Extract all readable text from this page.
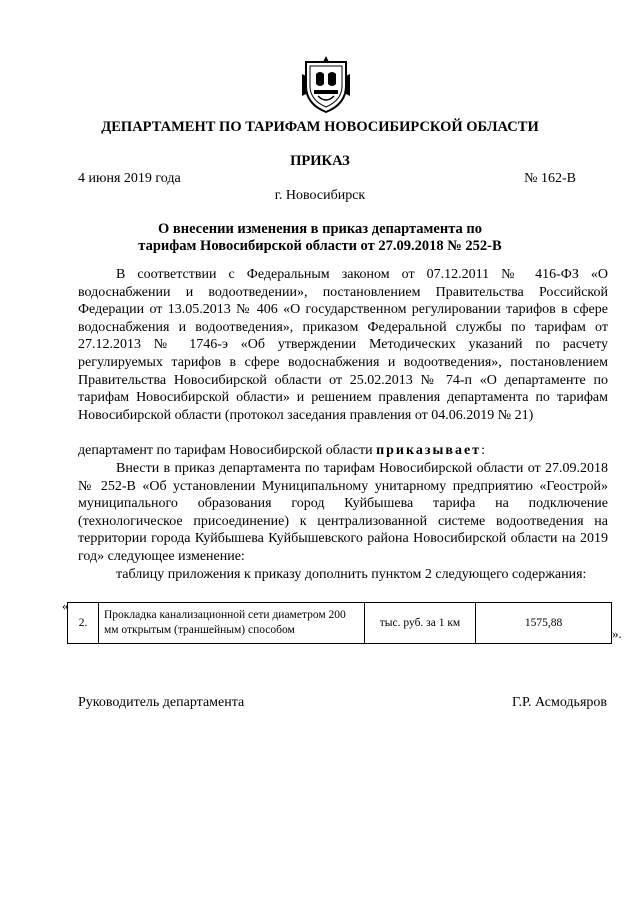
ДЕПАРТАМЕНТ ПО ТАРИФАМ НОВОСИБИРСКОЙ ОБЛАСТИ
ПРИКАЗ
4 июня 2019 года	№ 162-В
г. Новосибирск
О внесении изменения в приказ департамента по тарифам Новосибирской области от 27.09.2018 № 252-В
В соответствии с Федеральным законом от 07.12.2011 № 416-ФЗ «О водоснабжении и водоотведении», постановлением Правительства Российской Федерации от 13.05.2013 № 406 «О государственном регулировании тарифов в сфере водоснабжения и водоотведения», приказом Федеральной службы по тарифам от 27.12.2013 № 1746-э «Об утверждении Методических указаний по расчету регулируемых тарифов в сфере водоснабжения и водоотведения», постановлением Правительства Новосибирской области от 25.02.2013 № 74-п «О департаменте по тарифам Новосибирской области» и решением правления департамента по тарифам Новосибирской области (протокол заседания правления от 04.06.2019 № 21)
департамент по тарифам Новосибирской области приказывает:
Внести в приказ департамента по тарифам Новосибирской области от 27.09.2018 № 252-В «Об установлении Муниципальному унитарному предприятию «Геострой» муниципального образования город Куйбышева тарифа на подключение (технологическое присоединение) к централизованной системе водоотведения на территории города Куйбышева Куйбышевского района Новосибирской области на 2019 год» следующее изменение:
таблицу приложения к приказу дополнить пунктом 2 следующего содержания:
«
2.	Прокладка канализационной сети диаметром 200 мм открытым (траншейным) способом	тыс. руб. за 1 км	1575,88
».
Руководитель департамента	Г.Р. Асмодьяров
